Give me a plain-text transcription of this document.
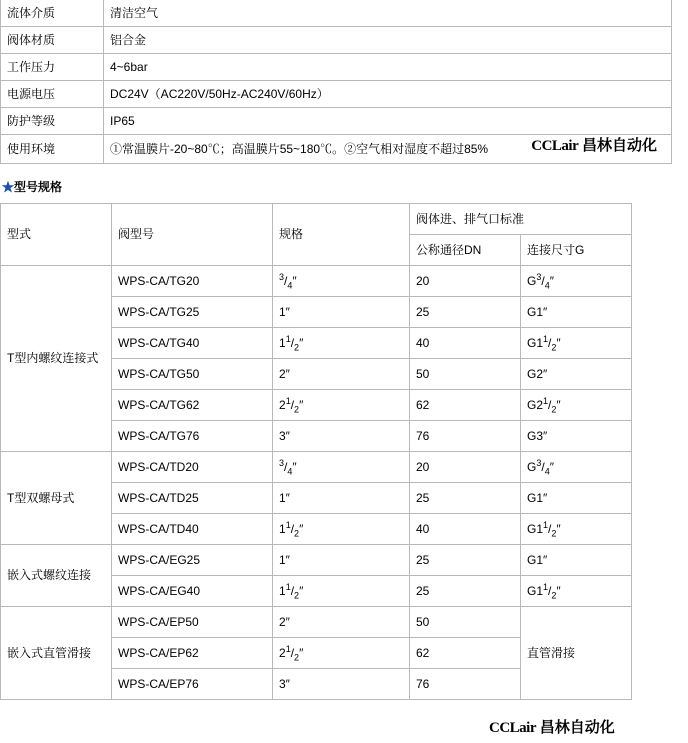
流体介质	清洁空气
阀体材质	铝合金
工作压力	4~6bar
电源电压	DC24V（AC220V/50Hz-AC240V/60Hz）
防护等级	IP65
使用环境	①常温膜片-20~80℃；高温膜片55~180℃。②空气相对湿度不超过85% CCLair 昌林自动化
★型号规格
型式	阀型号	规格	阀体进、排气口标准	
			公称通径DN	连接尺寸G
T型内螺纹连接式	WPS-CA/TG20	$^3/_4''$	20	$G^3/_4''$
	WPS-CA/TG25	1″	25	G1″
	WPS-CA/TG40	$1^1/_2''$	40	$G1^1/_2''$
	WPS-CA/TG50	2″	50	G2″
	WPS-CA/TG62	$2^1/_2''$	62	$G2^1/_2''$
	WPS-CA/TG76	3″	76	G3″
T型双螺母式	WPS-CA/TD20	$^3/_4''$	20	$G^3/_4''$
	WPS-CA/TD25	1″	25	G1″
	WPS-CA/TD40	$1^1/_2''$	40	$G1^1/_2''$
嵌入式螺纹连接	WPS-CA/EG25	1″	25	G1″
	WPS-CA/EG40	$1^1/_2''$	25	$G1^1/_2''$
嵌入式直管滑接	WPS-CA/EP50	2″	50	直管滑接
	WPS-CA/EP62	$2^1/_2''$	62	
	WPS-CA/EP76	3″	76	
CCLair 昌林自动化
